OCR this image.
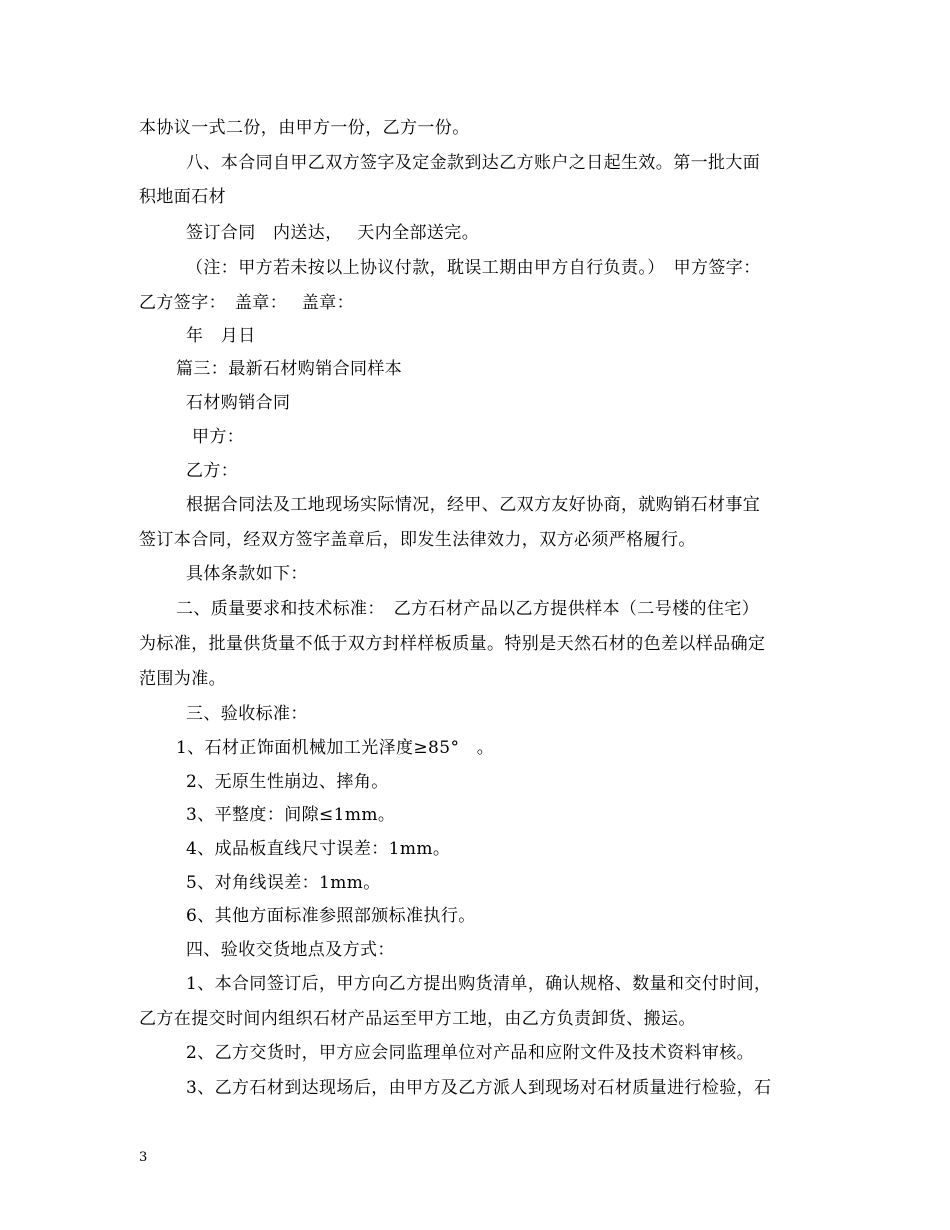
本协议一式二份，由甲方一份，乙方一份。
八、本合同自甲乙双方签字及定金款到达乙方账户之日起生效。第一批大面
积地面石材
签订合同　内送达，　 天内全部送完。
（注：甲方若未按以上协议付款，耽误工期由甲方自行负责。）　甲方签字：
乙方签字：　盖章：　 盖章：
年　月日
篇三：最新石材购销合同样本
石材购销合同
甲方：
乙方：
根据合同法及工地现场实际情况，经甲、乙双方友好协商，就购销石材事宜
签订本合同，经双方签字盖章后，即发生法律效力，双方必须严格履行。
具体条款如下：
二、质量要求和技术标准：　乙方石材产品以乙方提供样本（二号楼的住宅）
为标准，批量供货量不低于双方封样样板质量。特别是天然石材的色差以样品确定
范围为准。
三、验收标准：
1、石材正饰面机械加工光泽度≥85°　。
2、无原生性崩边、摔角。
3、平整度：间隙≤1mm。
4、成品板直线尺寸误差：1mm。
5、对角线误差：1mm。
6、其他方面标准参照部颁标准执行。
四、验收交货地点及方式：
1、本合同签订后，甲方向乙方提出购货清单，确认规格、数量和交付时间，
乙方在提交时间内组织石材产品运至甲方工地，由乙方负责卸货、搬运。
2、乙方交货时，甲方应会同监理单位对产品和应附文件及技术资料审核。
3、乙方石材到达现场后，由甲方及乙方派人到现场对石材质量进行检验，石
3
